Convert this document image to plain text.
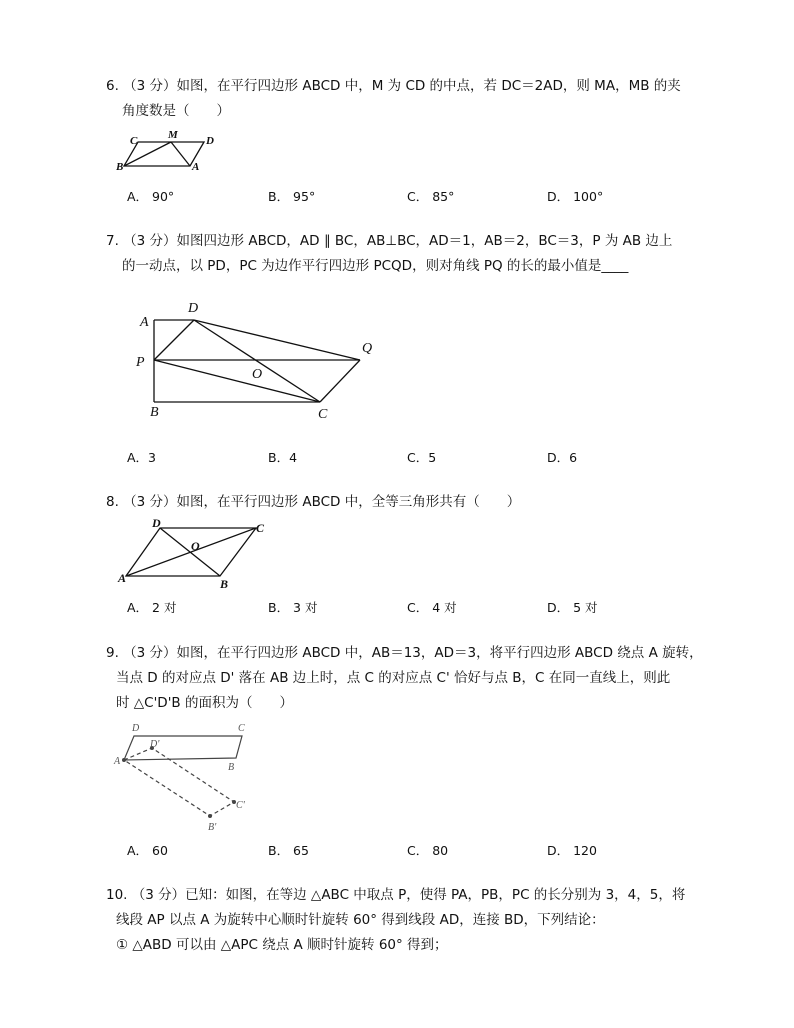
6. （3 分）如图，在平行四边形 ABCD 中，M 为 CD 的中点，若 DC＝2AD，则 MA，MB 的夹
角度数是（　　）
C	M	D
B	A
A． 90°	B． 95°	C． 85°	D． 100°
7. （3 分）如图四边形 ABCD，AD ∥ BC，AB⊥BC，AD＝1，AB＝2，BC＝3，P 为 AB 边上
的一动点，以 PD，PC 为边作平行四边形 PCQD，则对角线 PQ 的长的最小值是____
A
D
P
Q
O
B	C
A．3	B．4	C．5	D．6
8. （3 分）如图，在平行四边形 ABCD 中，全等三角形共有（　　）
D	C
O
A	B
A． 2 对	B． 3 对	C． 4 对	D． 5 对
9. （3 分）如图，在平行四边形 ABCD 中，AB＝13，AD＝3，将平行四边形 ABCD 绕点 A 旋转，
当点 D 的对应点 D' 落在 AB 边上时，点 C 的对应点 C' 恰好与点 B，C 在同一直线上，则此
时 △C'D'B 的面积为（　　）
D	C
D'
A
B
C'
B'
A． 60	B． 65	C． 80	D． 120
10. （3 分）已知：如图，在等边 △ABC 中取点 P，使得 PA，PB，PC 的长分别为 3，4，5，将
线段 AP 以点 A 为旋转中心顺时针旋转 60° 得到线段 AD，连接 BD，下列结论：
① △ABD 可以由 △APC 绕点 A 顺时针旋转 60° 得到；
